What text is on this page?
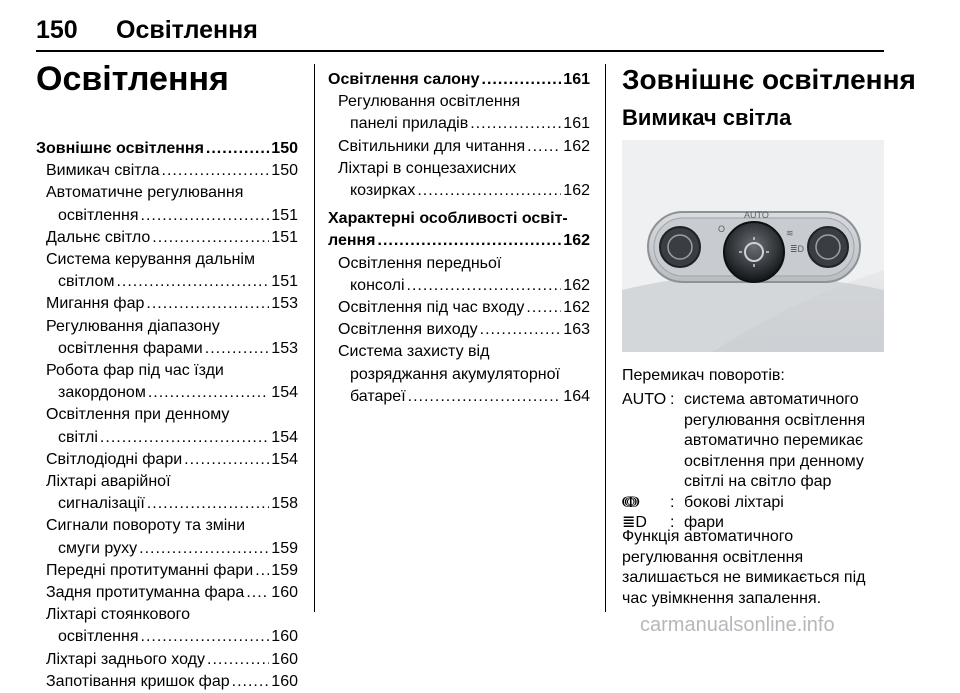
150 Освітлення
Освітлення
Зовнішнє освітлення .....	150
Вимикач світла .....	150
Автоматичне регулювання
освітлення .....	151
Дальнє світло .....	151
Система керування дальнім
світлом .....	151
Мигання фар .....	153
Регулювання діапазону
освітлення фарами .....	153
Робота фар під час їзди
закордоном .....	154
Освітлення при денному
світлі .....	154
Світлодіодні фари .....	154
Ліхтарі аварійної
сигналізації .....	158
Сигнали повороту та зміни
смуги руху .....	159
Передні протитуманні фари ..... 159
Задня протитуманна фара ..... 160
Ліхтарі стоянкового
освітлення .....	160
Ліхтарі заднього ходу .....	160
Запотівання кришок фар .....	160
Освітлення салону .....	161
Регулювання освітлення
панелі приладів .....	161
Світильники для читання ..... 162
Ліхтарі в сонцезахисних
козирках .....	162
Характерні особливості освіт-
лення .....	162
Освітлення передньої
консолі .....	162
Освітлення під час входу ..... 162
Освітлення виходу .....	163
Система захисту від
розряджання акумуляторної
батареї .....	164
Зовнішнє освітлення
Вимикач світла
AUTO
O	≋
≣D
Перемикач поворотів:
AUTO : система автоматичного
регулювання освітлення
автоматично перемикає
освітлення при денному
світлі на світло фар
ↈ	: бокові ліхтарі
≣D	: фари
Функція автоматичного
регулювання освітлення
залишається не вимикається під
час увімкнення запалення.
carmanualsonline.info
